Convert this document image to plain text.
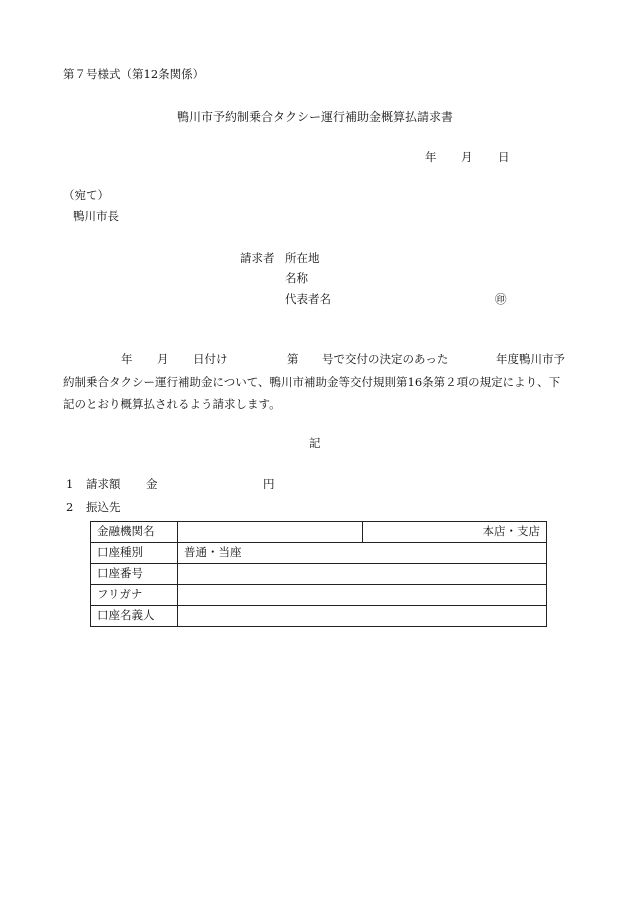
第７号様式（第12条関係）
鴨川市予約制乗合タクシー運行補助金概算払請求書
年 月 日
（宛て）
鴨川市長
請求者 所在地
名称
代表者名	㊞
年 月 日付け	第 号で交付の決定のあった	年度鴨川市予
約制乗合タクシー運行補助金について、鴨川市補助金等交付規則第16条第２項の規定により、下
記のとおり概算払されるよう請求します。
記
1 請求額 金	円
2 振込先
金融機関名		本店・支店
口座種別	普通・当座	
口座番号		
フリガナ		
口座名義人		
